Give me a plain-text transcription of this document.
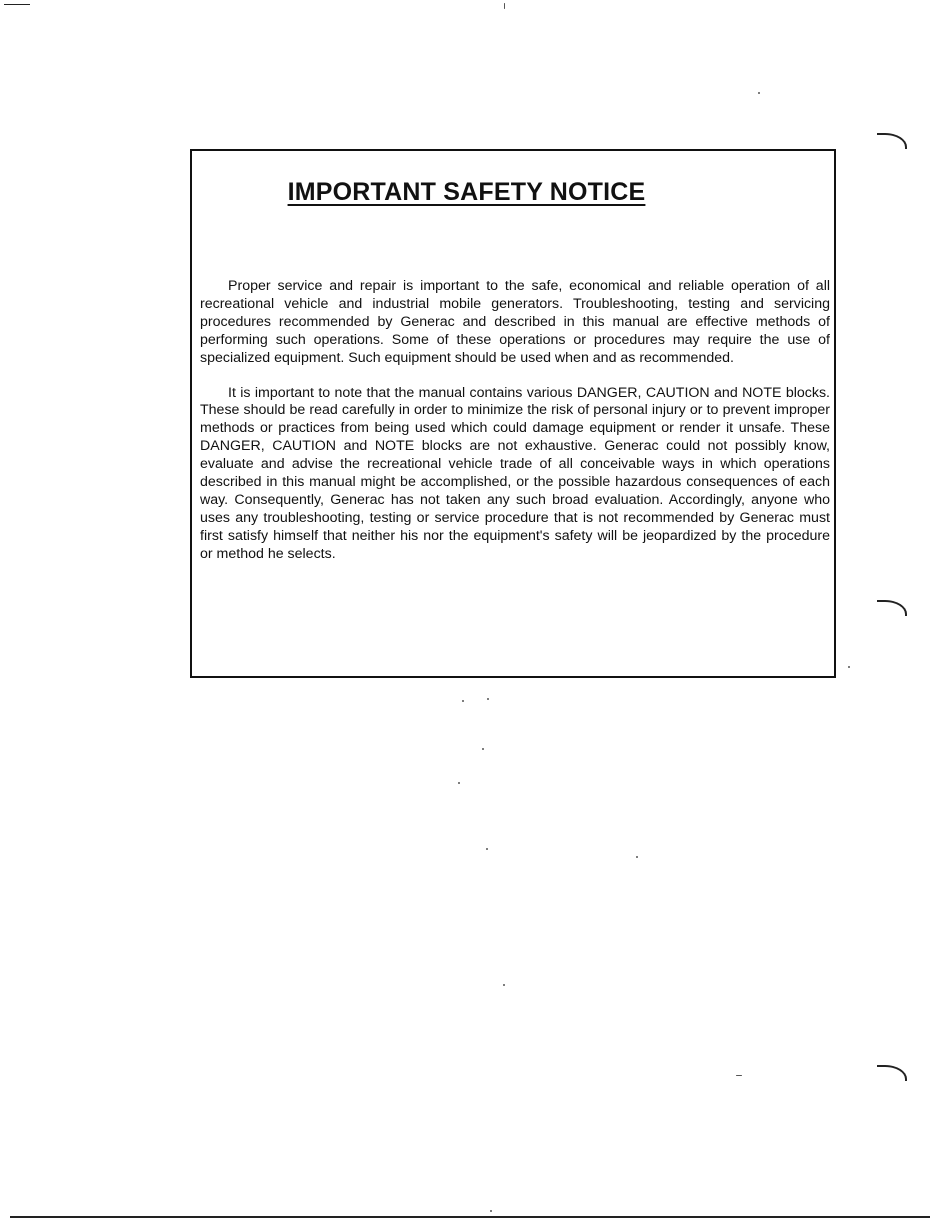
IMPORTANT SAFETY NOTICE

Proper service and repair is important to the safe, economical and reliable operation of all recreational vehicle and industrial mobile generators. Troubleshooting, testing and servicing procedures recommended by Generac and described in this manual are effective methods of performing such operations. Some of these operations or procedures may require the use of specialized equipment. Such equipment should be used when and as recommended.

It is important to note that the manual contains various DANGER, CAUTION and NOTE blocks. These should be read carefully in order to minimize the risk of personal injury or to prevent improper methods or practices from being used which could damage equipment or render it unsafe. These DANGER, CAUTION and NOTE blocks are not exhaustive. Generac could not possibly know, evaluate and advise the recreational vehicle trade of all conceivable ways in which operations described in this manual might be accomplished, or the possible hazardous consequences of each way. Consequently, Generac has not taken any such broad evaluation. Accordingly, anyone who uses any troubleshooting, testing or service procedure that is not recommended by Generac must first satisfy himself that neither his nor the equipment's safety will be jeopardized by the procedure or method he selects.
